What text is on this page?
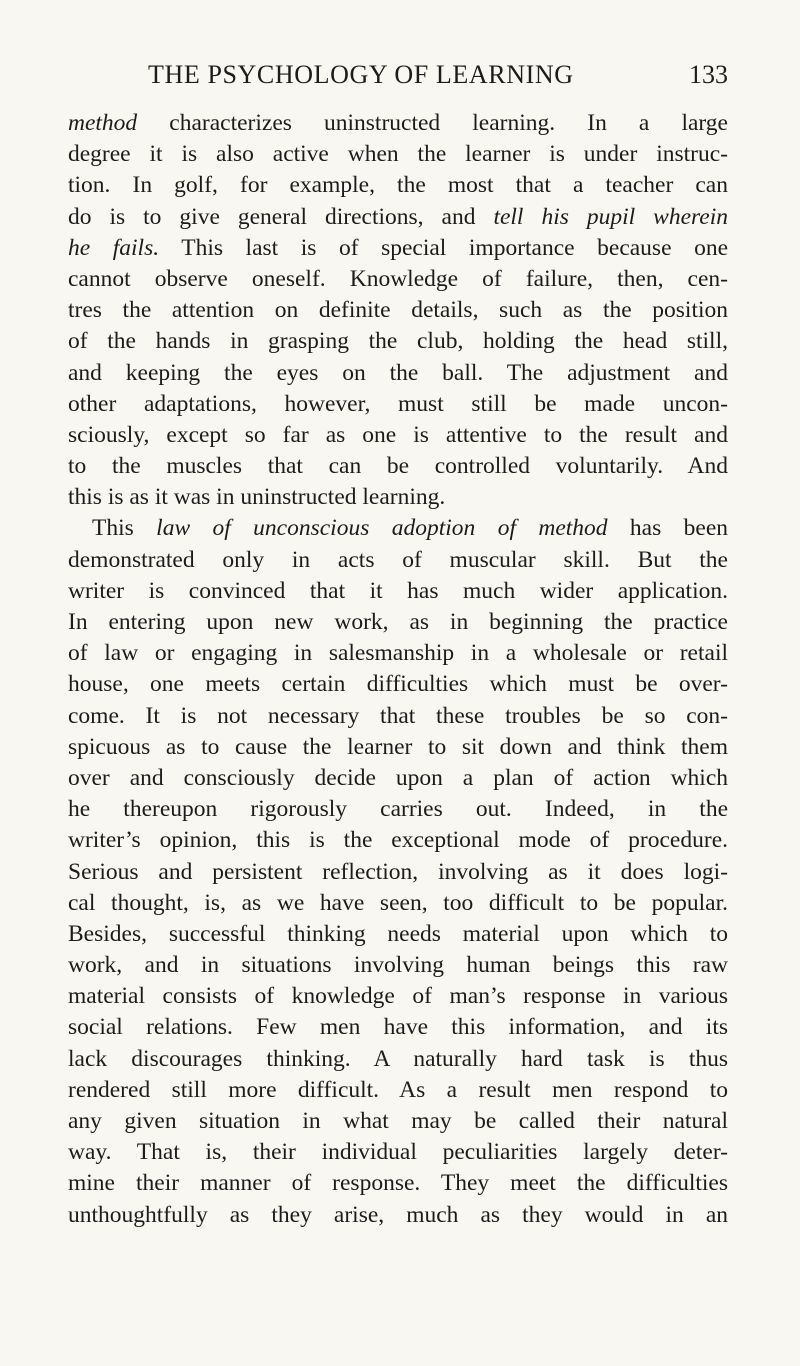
THE PSYCHOLOGY OF LEARNING	133
method characterizes uninstructed learning. In a large
degree it is also active when the learner is under instruc-
tion. In golf, for example, the most that a teacher can
do is to give general directions, and tell his pupil wherein
he fails. This last is of special importance because one
cannot observe oneself. Knowledge of failure, then, cen-
tres the attention on definite details, such as the position
of the hands in grasping the club, holding the head still,
and keeping the eyes on the ball. The adjustment and
other adaptations, however, must still be made uncon-
sciously, except so far as one is attentive to the result and
to the muscles that can be controlled voluntarily. And
this is as it was in uninstructed learning.
This law of unconscious adoption of method has been
demonstrated only in acts of muscular skill. But the
writer is convinced that it has much wider application.
In entering upon new work, as in beginning the practice
of law or engaging in salesmanship in a wholesale or retail
house, one meets certain difficulties which must be over-
come. It is not necessary that these troubles be so con-
spicuous as to cause the learner to sit down and think them
over and consciously decide upon a plan of action which
he thereupon rigorously carries out. Indeed, in the
writer’s opinion, this is the exceptional mode of procedure.
Serious and persistent reflection, involving as it does logi-
cal thought, is, as we have seen, too difficult to be popular.
Besides, successful thinking needs material upon which to
work, and in situations involving human beings this raw
material consists of knowledge of man’s response in various
social relations. Few men have this information, and its
lack discourages thinking. A naturally hard task is thus
rendered still more difficult. As a result men respond to
any given situation in what may be called their natural
way. That is, their individual peculiarities largely deter-
mine their manner of response. They meet the difficulties
unthoughtfully as they arise, much as they would in an
